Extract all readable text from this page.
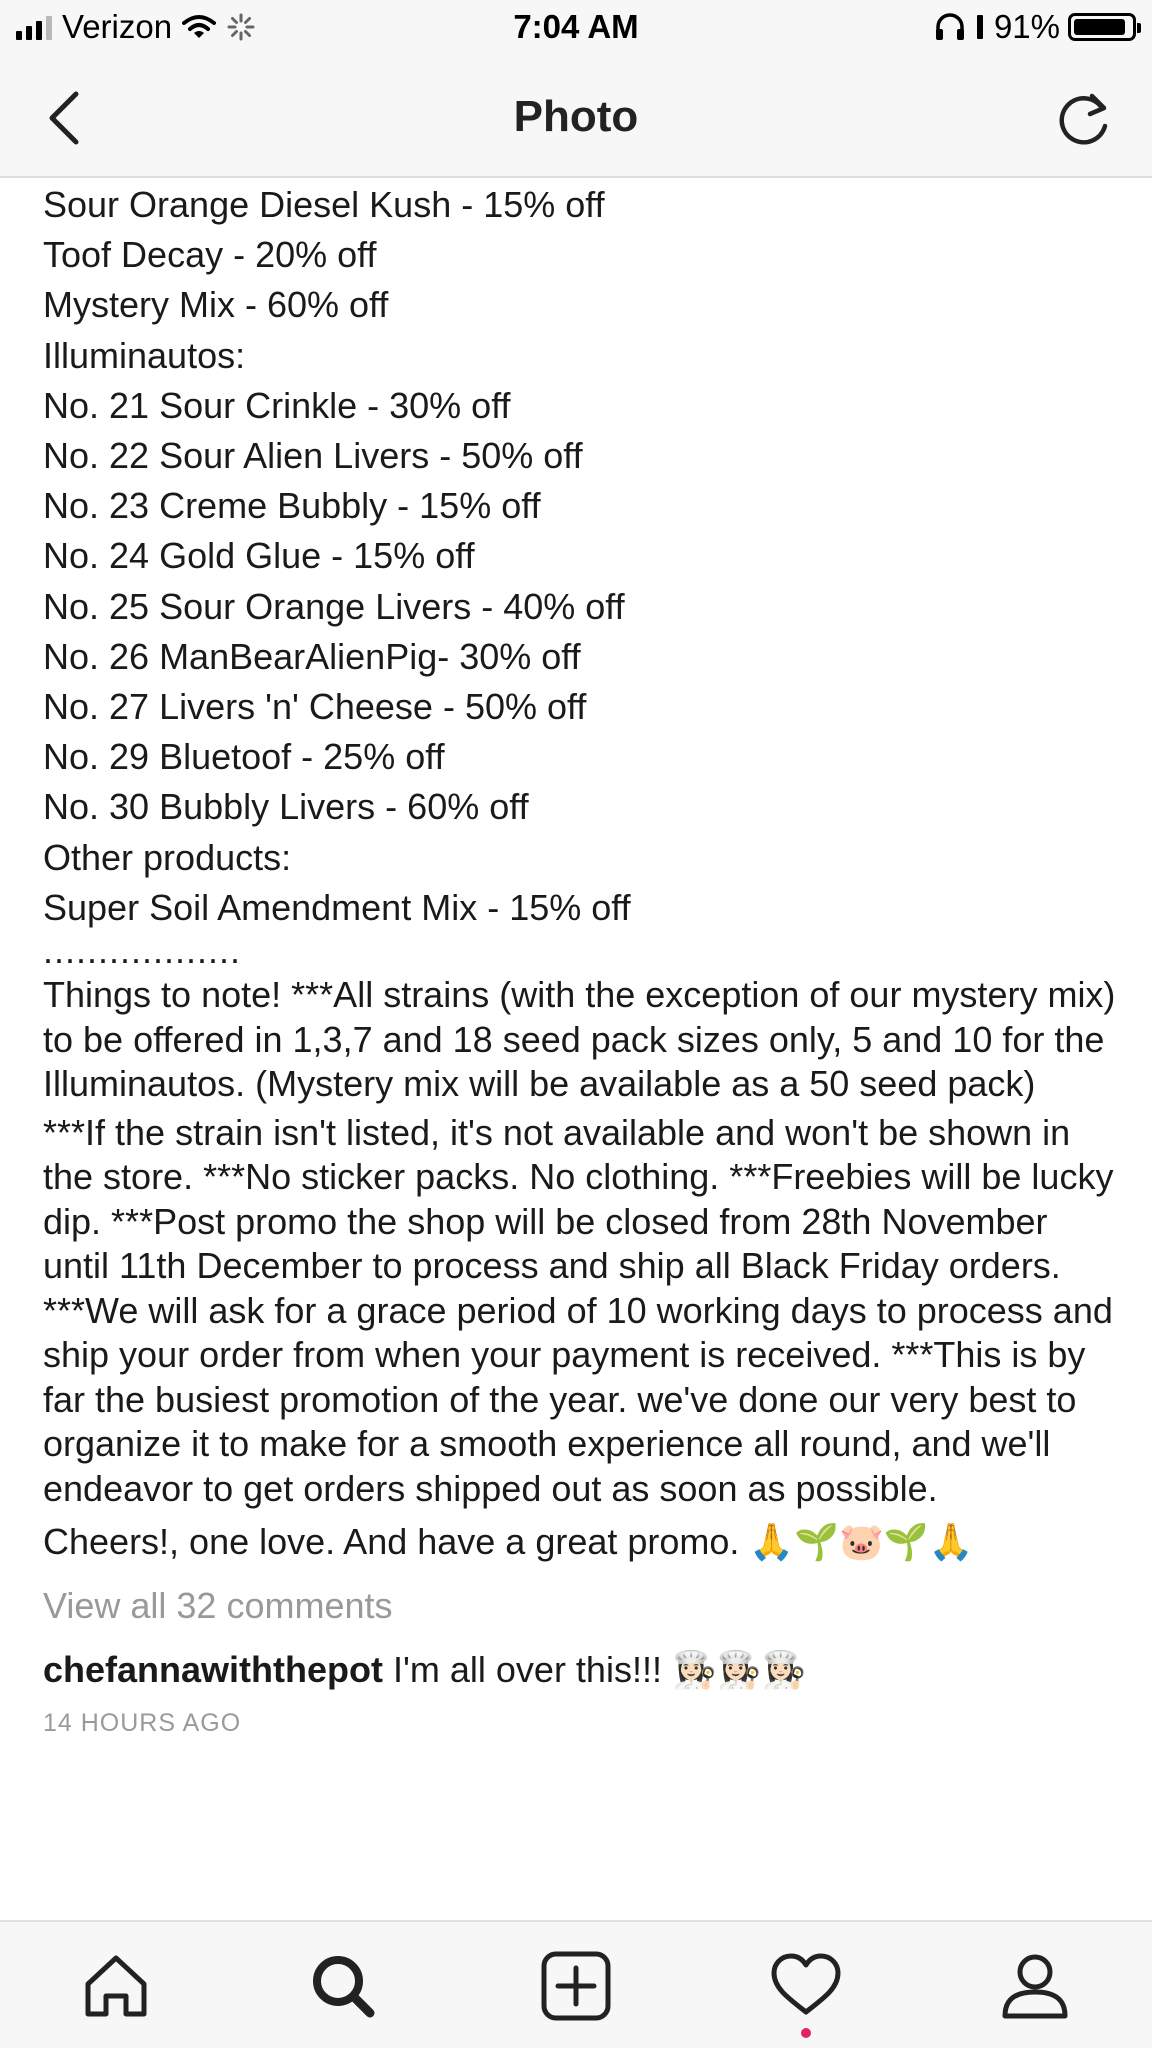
Verizon	7:04 AM	91%
Photo
Sour Orange Diesel Kush - 15% off
Toof Decay - 20% off
Mystery Mix - 60% off
Illuminautos:
No. 21 Sour Crinkle - 30% off
No. 22 Sour Alien Livers - 50% off
No. 23 Creme Bubbly - 15% off
No. 24 Gold Glue - 15% off
No. 25 Sour Orange Livers - 40% off
No. 26 ManBearAlienPig- 30% off
No. 27 Livers 'n' Cheese - 50% off
No. 29 Bluetoof - 25% off
No. 30 Bubbly Livers - 60% off
Other products:
Super Soil Amendment Mix - 15% off
..................
Things to note! ***All strains (with the exception of our mystery mix) to be offered in 1,3,7 and 18 seed pack sizes only, 5 and 10 for the Illuminautos. (Mystery mix will be available as a 50 seed pack)
***If the strain isn't listed, it's not available and won't be shown in the store. ***No sticker packs. No clothing. ***Freebies will be lucky dip. ***Post promo the shop will be closed from 28th November until 11th December to process and ship all Black Friday orders. ***We will ask for a grace period of 10 working days to process and ship your order from when your payment is received. ***This is by far the busiest promotion of the year. we've done our very best to organize it to make for a smooth experience all round, and we'll endeavor to get orders shipped out as soon as possible.
Cheers!, one love. And have a great promo. 🙏🌱🐷🌱🙏
View all 32 comments
chefannawiththepot I'm all over this!!! 👩🏻‍🍳👩🏻‍🍳👩🏻‍🍳
14 HOURS AGO
